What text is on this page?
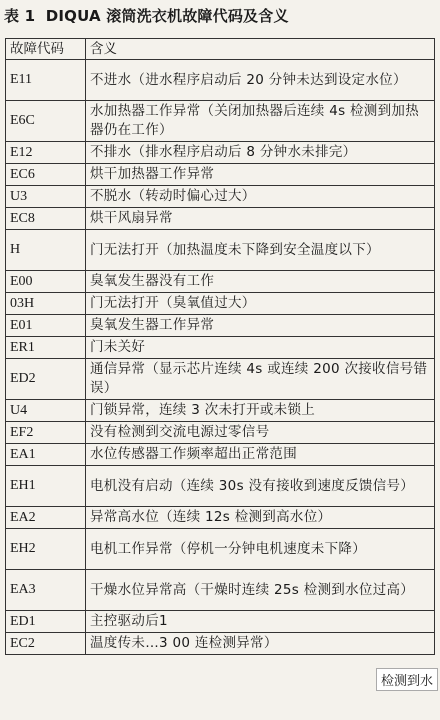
表 1 DIQUA 滚筒洗衣机故障代码及含义
故障代码	含义
E11	不进水（进水程序启动后 20 分钟未达到设定水位）
E6C	水加热器工作异常（关闭加热器后连续 4s 检测到加热器仍在工作）
E12	不排水（排水程序启动后 8 分钟水未排完）
EC6	烘干加热器工作异常
U3	不脱水（转动时偏心过大）
EC8	烘干风扇异常
H	门无法打开（加热温度未下降到安全温度以下）
E00	臭氧发生器没有工作
03H	门无法打开（臭氧值过大）
E01	臭氧发生器工作异常
ER1	门未关好
ED2	通信异常（显示芯片连续 4s 或连续 200 次接收信号错误）
U4	门锁异常，连续 3 次未打开或未锁上
EF2	没有检测到交流电源过零信号
EA1	水位传感器工作频率超出正常范围
EH1	电机没有启动（连续 30s 没有接收到速度反馈信号）
EA2	异常高水位（连续 12s 检测到高水位）
EH2	电机工作异常（停机一分钟电机速度未下降）
EA3	干燥水位异常高（干燥时连续 25s 检测到水位过高）
ED1	主控驱动后1
EC2	温度传未…3 00 连检测异常）
检测到水
